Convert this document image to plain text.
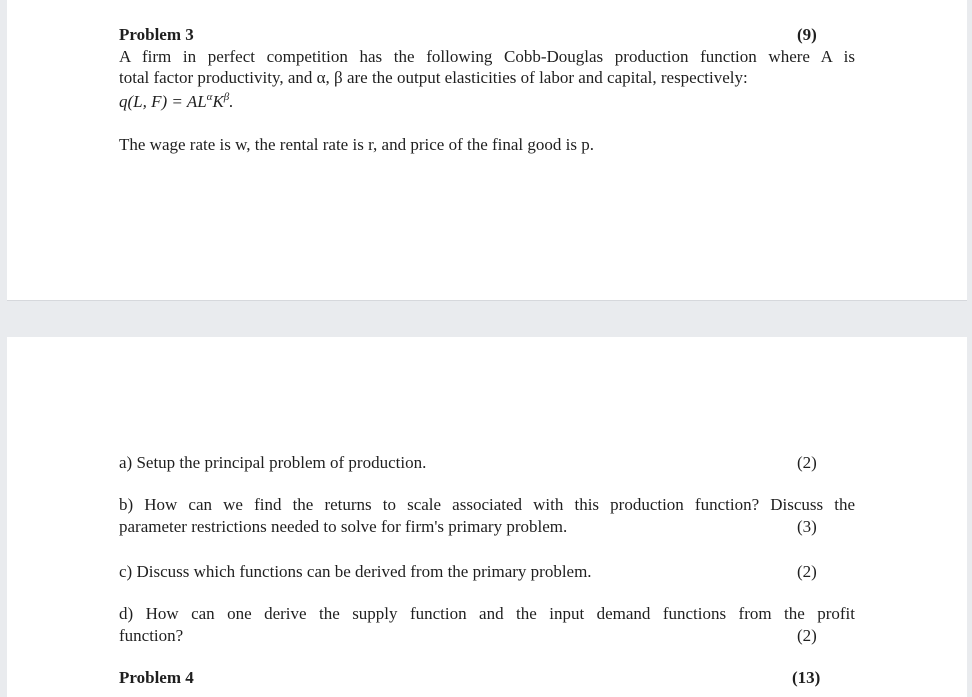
Problem 3	(9)
A firm in perfect competition has the following Cobb-Douglas production function where A is
total factor productivity, and α, β are the output elasticities of labor and capital, respectively:
q(L, $F) = AL^\alpha K^\beta$.
The wage rate is w, the rental rate is r, and price of the final good is p.
a) Setup the principal problem of production.	(2)
b) How can we find the returns to scale associated with this production function? Discuss the
parameter restrictions needed to solve for firm's primary problem.	(3)
c) Discuss which functions can be derived from the primary problem.	(2)
d) How can one derive the supply function and the input demand functions from the profit
function?	(2)
Problem 4	(13)
